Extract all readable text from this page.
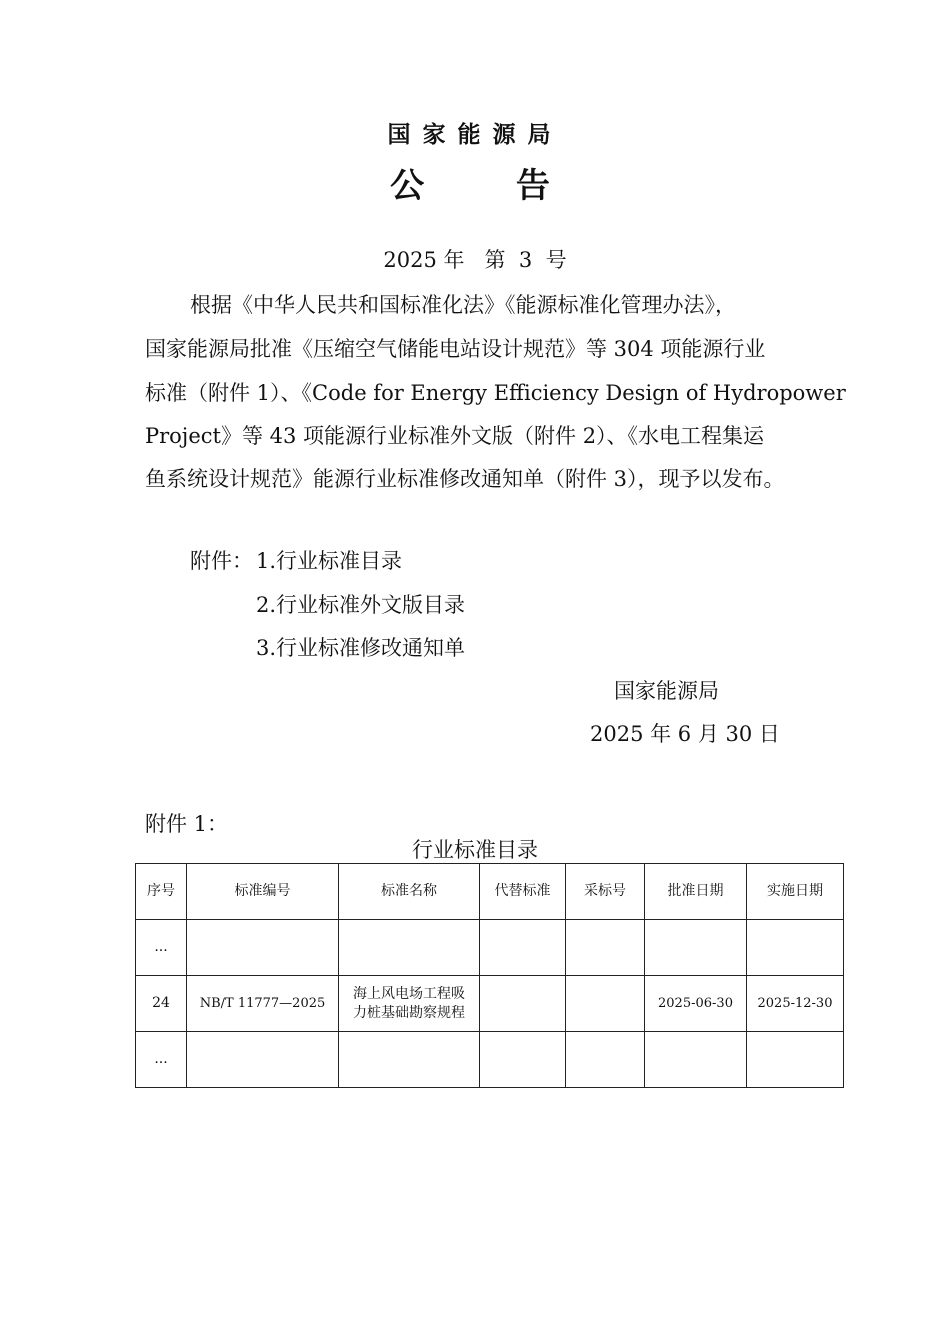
国家能源局
公 告
2025 年   第  3  号
根据《中华人民共和国标准化法》《能源标准化管理办法》，
国家能源局批准《压缩空气储能电站设计规范》等 304 项能源行业
标准（附件 1）、《Code for Energy Efficiency Design of Hydropower
Project》等 43 项能源行业标准外文版（附件 2）、《水电工程集运
鱼系统设计规范》能源行业标准修改通知单（附件 3），现予以发布。
附件： 1.行业标准目录
2.行业标准外文版目录
3.行业标准修改通知单
国家能源局
2025 年 6 月 30 日
附件 1：
行业标准目录
序号	标准编号	标准名称	代替标准	采标号	批准日期	实施日期
...						
24	NB/T 11777—2025	海上风电场工程吸力桩基础勘察规程			2025-06-30	2025-12-30
...						
